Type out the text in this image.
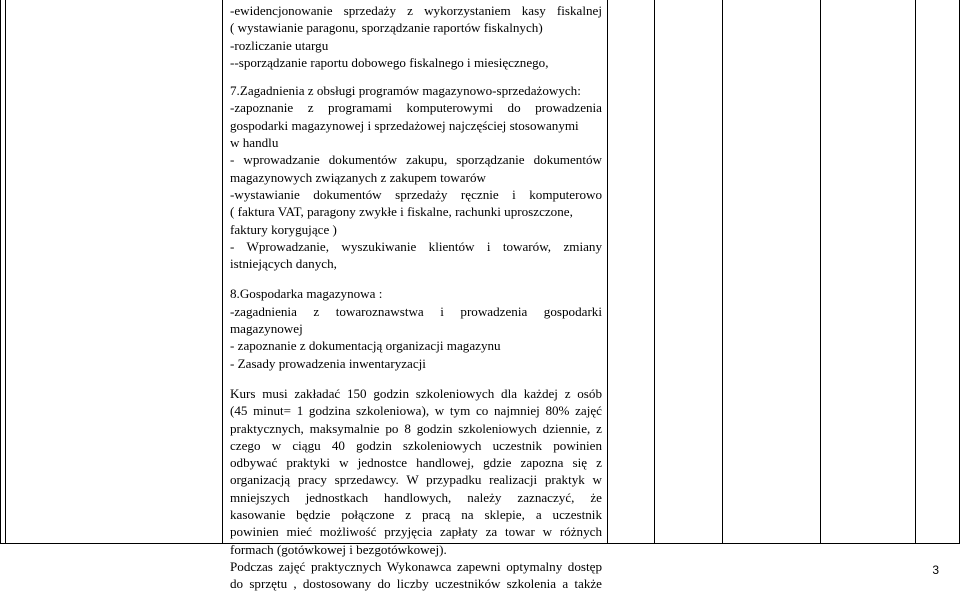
-ewidencjonowanie sprzedaży z wykorzystaniem kasy fiskalnej
( wystawianie paragonu, sporządzanie raportów fiskalnych)
-rozliczanie utargu
--sporządzanie raportu dobowego fiskalnego i miesięcznego,
7.Zagadnienia z obsługi programów magazynowo-sprzedażowych:
-zapoznanie z programami komputerowymi do prowadzenia
gospodarki magazynowej i sprzedażowej najczęściej stosowanymi
w handlu
- wprowadzanie dokumentów zakupu, sporządzanie dokumentów
magazynowych związanych z zakupem towarów
-wystawianie dokumentów sprzedaży ręcznie i komputerowo
( faktura VAT, paragony zwykłe i fiskalne, rachunki uproszczone,
faktury korygujące )
- Wprowadzanie, wyszukiwanie klientów i towarów, zmiany
istniejących danych,
8.Gospodarka magazynowa :
-zagadnienia z towaroznawstwa i prowadzenia gospodarki
magazynowej
- zapoznanie z dokumentacją organizacji magazynu
- Zasady prowadzenia inwentaryzacji
Kurs musi zakładać 150 godzin szkoleniowych dla każdej z osób
(45 minut= 1 godzina szkoleniowa), w tym co najmniej 80% zajęć
praktycznych, maksymalnie po 8 godzin szkoleniowych dziennie, z
czego w ciągu 40 godzin szkoleniowych uczestnik powinien
odbywać praktyki w jednostce handlowej, gdzie zapozna się z
organizacją pracy sprzedawcy. W przypadku realizacji praktyk w
mniejszych jednostkach handlowych, należy zaznaczyć, że
kasowanie będzie połączone z pracą na sklepie, a uczestnik
powinien mieć możliwość przyjęcia zapłaty za towar w różnych
formach (gotówkowej i bezgotówkowej).
Podczas zajęć praktycznych Wykonawca zapewni optymalny dostęp
do sprzętu , dostosowany do liczby uczestników szkolenia a także
3
